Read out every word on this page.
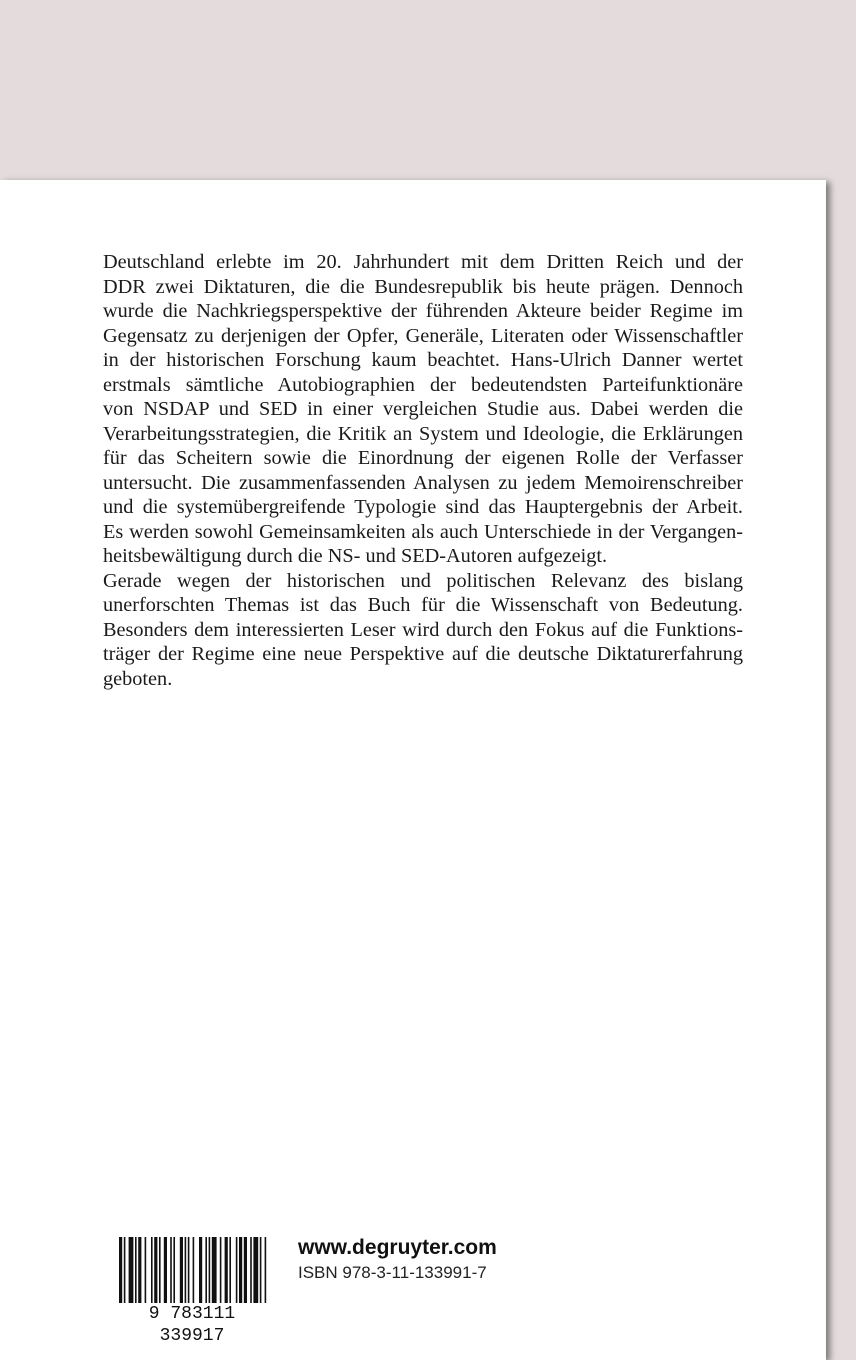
Deutschland erlebte im 20. Jahrhundert mit dem Dritten Reich und der
DDR zwei Diktaturen, die die Bundesrepublik bis heute prägen. Dennoch
wurde die Nachkriegsperspektive der führenden Akteure beider Regime im
Gegensatz zu derjenigen der Opfer, Generäle, Literaten oder Wissenschaftler
in der historischen Forschung kaum beachtet. Hans-Ulrich Danner wertet
erstmals sämtliche Autobiographien der bedeutendsten Parteifunktionäre
von NSDAP und SED in einer vergleichen Studie aus. Dabei werden die
Verarbeitungsstrategien, die Kritik an System und Ideologie, die Erklärungen
für das Scheitern sowie die Einordnung der eigenen Rolle der Verfasser
untersucht. Die zusammenfassenden Analysen zu jedem Memoirenschreiber
und die systemübergreifende Typologie sind das Hauptergebnis der Arbeit.
Es werden sowohl Gemeinsamkeiten als auch Unterschiede in der Vergangen-
heitsbewältigung durch die NS- und SED-Autoren aufgezeigt.
Gerade wegen der historischen und politischen Relevanz des bislang
unerforschten Themas ist das Buch für die Wissenschaft von Bedeutung.
Besonders dem interessierten Leser wird durch den Fokus auf die Funktions-
träger der Regime eine neue Perspektive auf die deutsche Diktaturerfahrung
geboten.
9 783111 339917
www.degruyter.com
ISBN 978-3-11-133991-7
